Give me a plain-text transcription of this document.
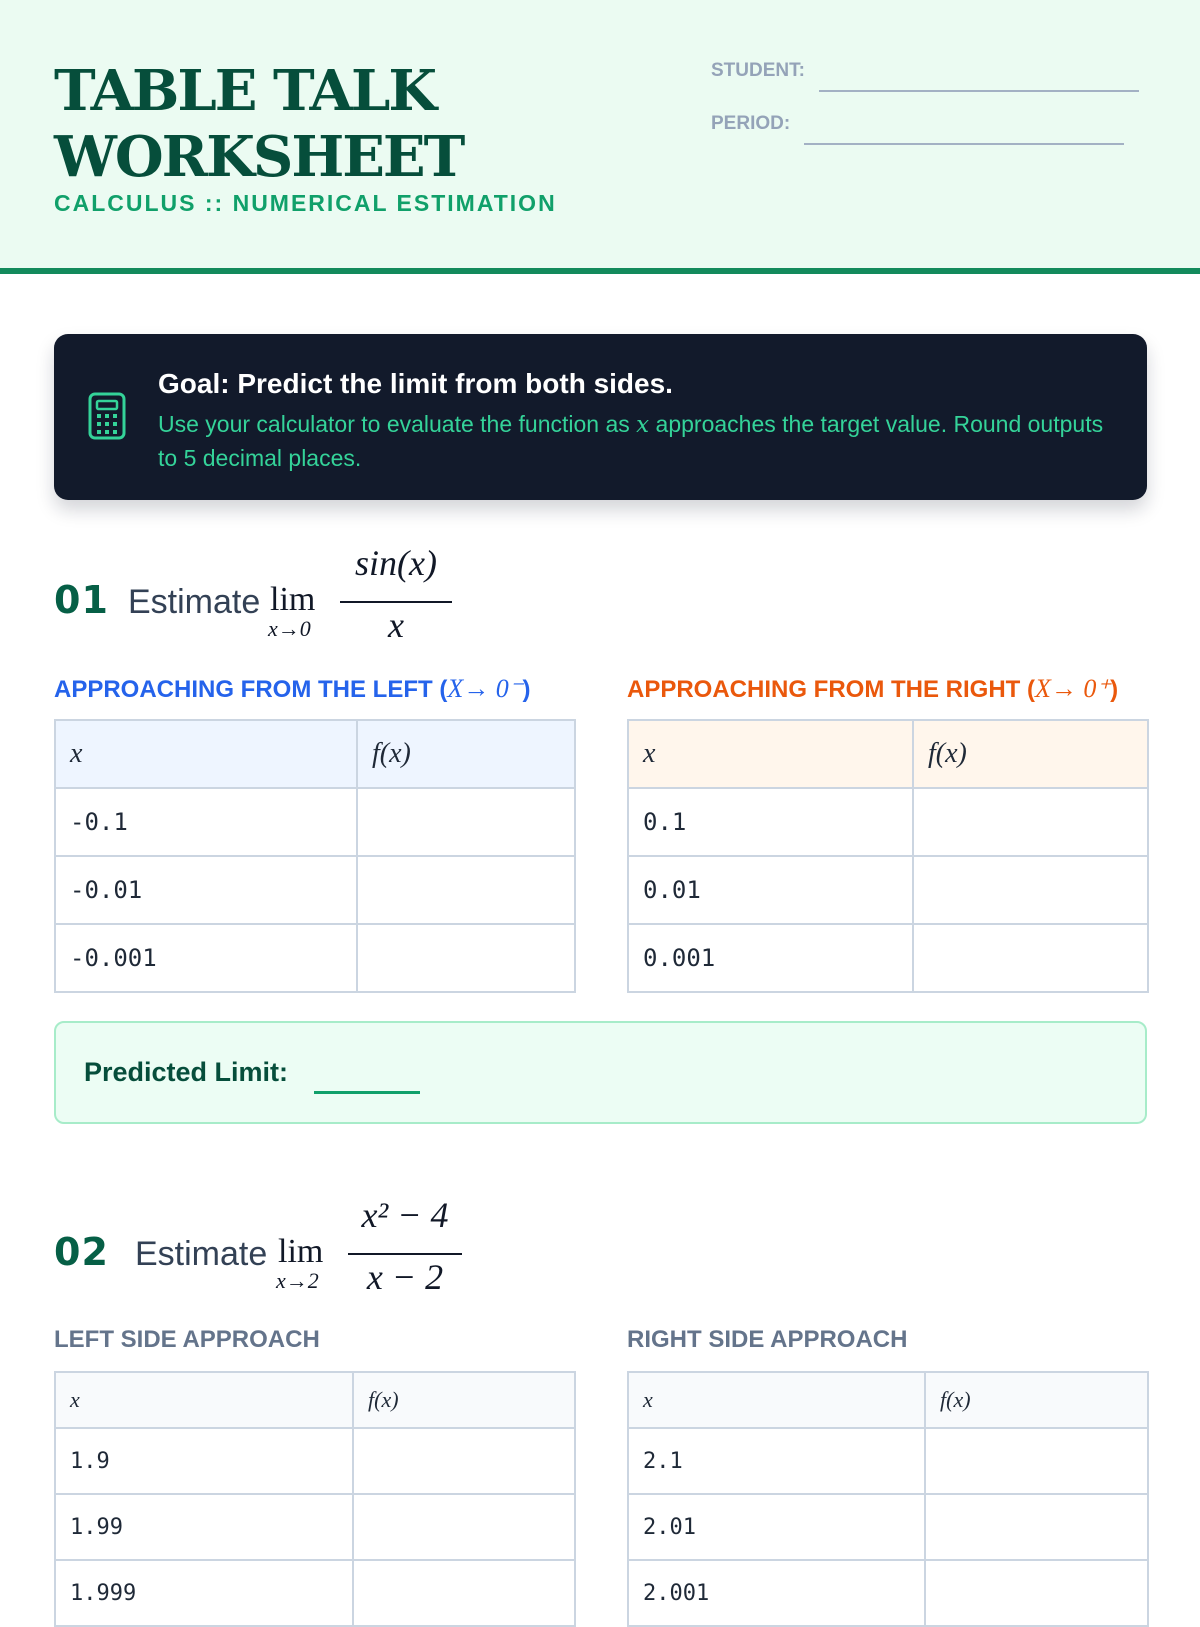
TABLE TALK WORKSHEET
CALCULUS :: NUMERICAL ESTIMATION
STUDENT:
PERIOD:
Goal: Predict the limit from both sides.
Use your calculator to evaluate the function as x approaches the target value. Round outputs to 5 decimal places.
01 Estimate lim
x→0
sin(x)
x
APPROACHING FROM THE LEFT (X→ 0⁻)	APPROACHING FROM THE RIGHT (X→ 0⁺)
x	f(x)
-0.1	
-0.01	
-0.001	
x	f(x)
0.1	
0.01	
0.001	
Predicted Limit:
02 Estimate lim
x→2
x² − 4
x − 2
LEFT SIDE APPROACH	RIGHT SIDE APPROACH
x	f(x)
1.9	
1.99	
1.999	
x	f(x)
2.1	
2.01	
2.001	
